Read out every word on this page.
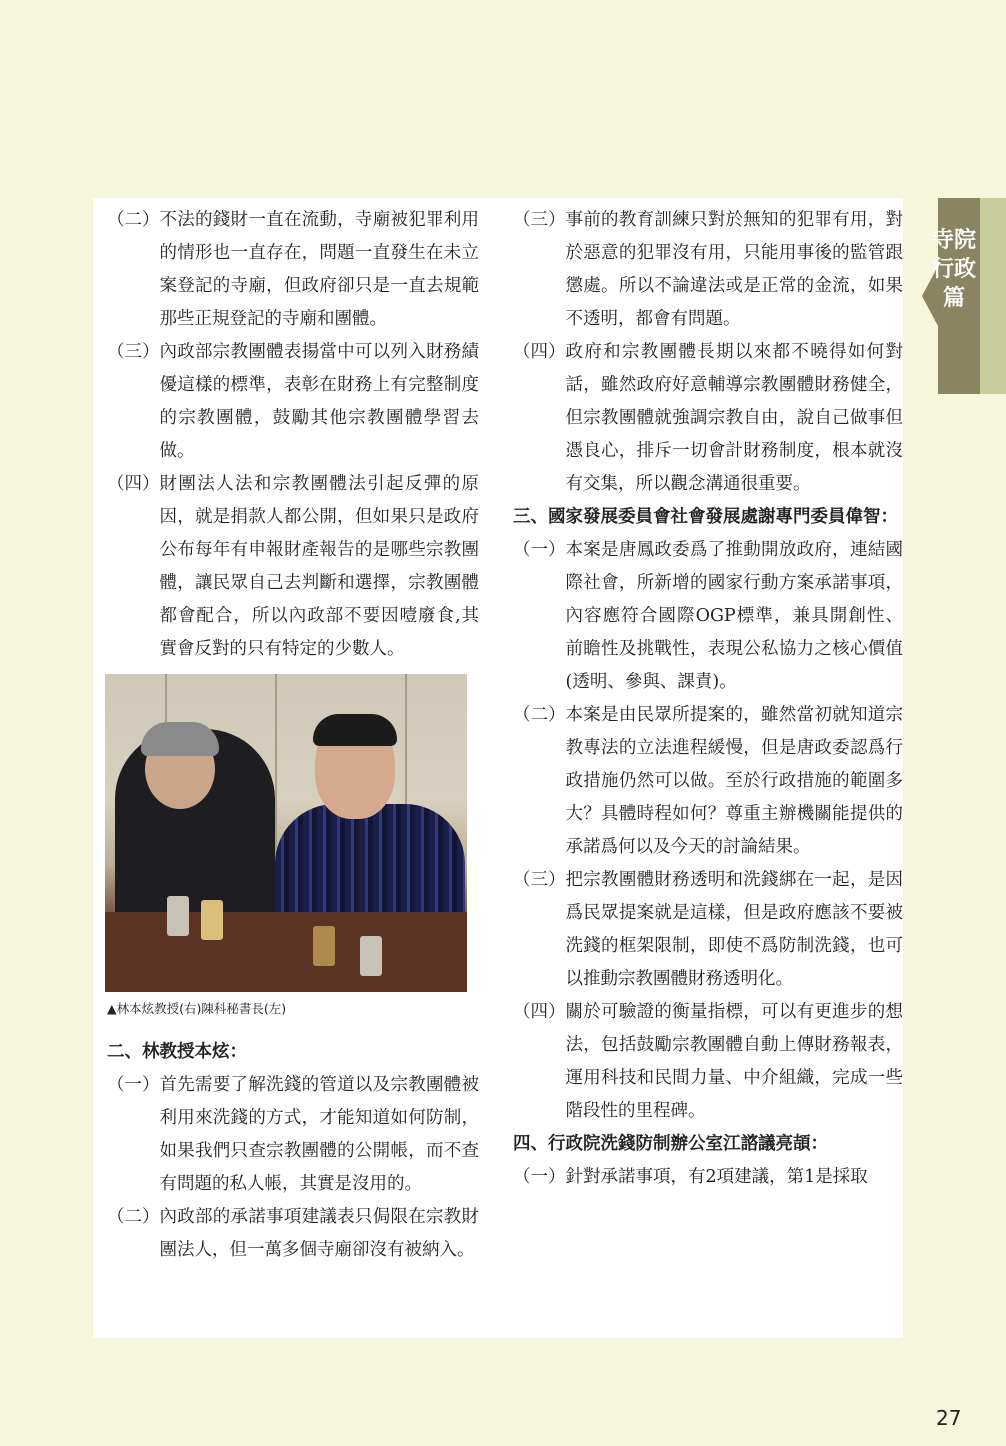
寺院行政篇
（二） 不法的錢財一直在流動，寺廟被犯罪利用的情形也一直存在，問題一直發生在未立案登記的寺廟，但政府卻只是一直去規範那些正規登記的寺廟和團體。
（三） 內政部宗教團體表揚當中可以列入財務績優這樣的標準，表彰在財務上有完整制度的宗教團體，鼓勵其他宗教團體學習去做。
（四） 財團法人法和宗教團體法引起反彈的原因，就是捐款人都公開，但如果只是政府公布每年有申報財產報告的是哪些宗教團體，讓民眾自己去判斷和選擇，宗教團體都會配合，所以內政部不要因噎廢食,其實會反對的只有特定的少數人。
▲林本炫教授(右)陳科秘書長(左)
二、 林教授本炫：
（一） 首先需要了解洗錢的管道以及宗教團體被利用來洗錢的方式，才能知道如何防制，如果我們只查宗教團體的公開帳，而不查有問題的私人帳，其實是沒用的。
（二） 內政部的承諾事項建議表只侷限在宗教財團法人，但一萬多個寺廟卻沒有被納入。
（三） 事前的教育訓練只對於無知的犯罪有用，對於惡意的犯罪沒有用，只能用事後的監管跟懲處。所以不論違法或是正常的金流，如果不透明，都會有問題。
（四） 政府和宗教團體長期以來都不曉得如何對話，雖然政府好意輔導宗教團體財務健全，但宗教團體就強調宗教自由，說自己做事但憑良心，排斥一切會計財務制度，根本就沒有交集，所以觀念溝通很重要。
三、 國家發展委員會社會發展處謝專門委員偉智：
（一） 本案是唐鳳政委爲了推動開放政府，連結國際社會，所新增的國家行動方案承諾事項，內容應符合國際OGP標準，兼具開創性、前瞻性及挑戰性，表現公私協力之核心價值(透明、參與、課責)。
（二） 本案是由民眾所提案的，雖然當初就知道宗教專法的立法進程緩慢，但是唐政委認爲行政措施仍然可以做。至於行政措施的範圍多大？具體時程如何？尊重主辦機關能提供的承諾爲何以及今天的討論結果。
（三） 把宗教團體財務透明和洗錢綁在一起，是因爲民眾提案就是這樣，但是政府應該不要被洗錢的框架限制，即使不爲防制洗錢，也可以推動宗教團體財務透明化。
（四） 關於可驗證的衡量指標，可以有更進步的想法，包括鼓勵宗教團體自動上傳財務報表，運用科技和民間力量、中介組織，完成一些階段性的里程碑。
四、 行政院洗錢防制辦公室江諮議亮頡：
（一） 針對承諾事項，有2項建議，第1是採取
27
